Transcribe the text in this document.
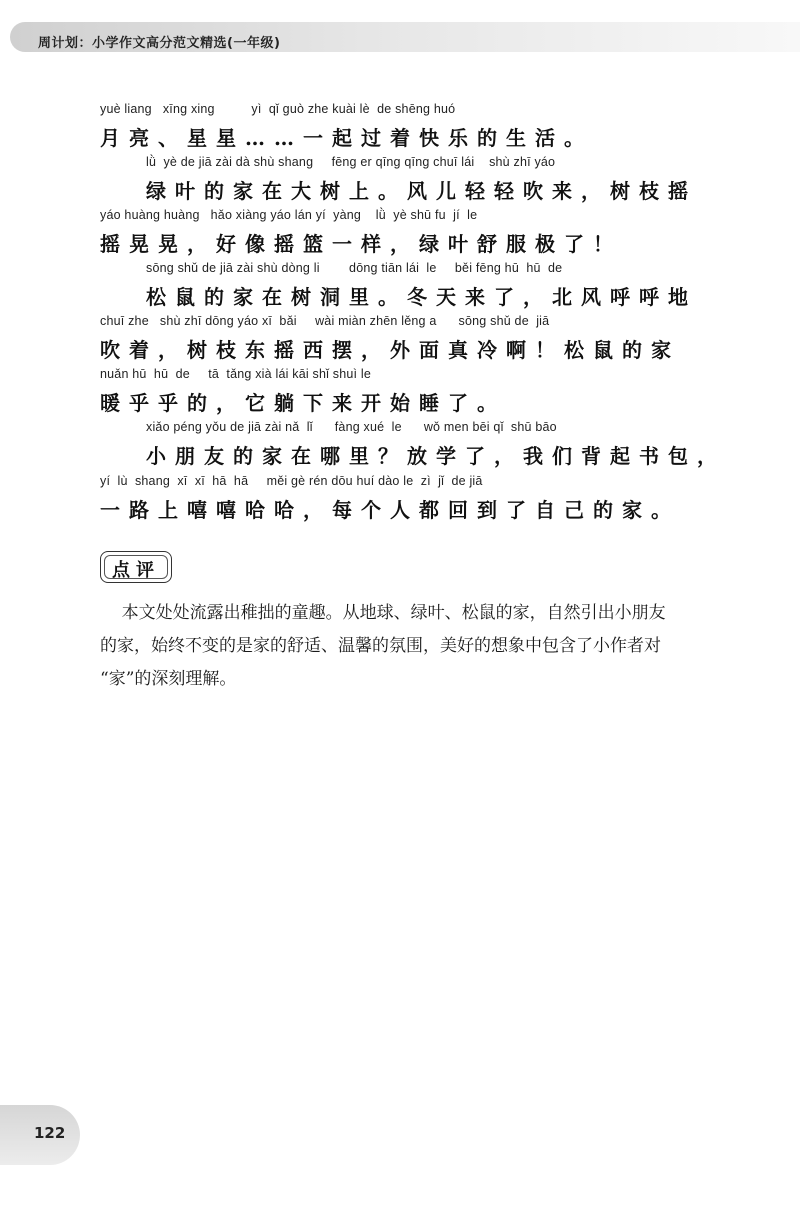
周计划：小学作文高分范文精选(一年级)

yuè liang   xīng xing          yì  qǐ guò zhe kuài lè  de shēng huó

月亮、星星……一起过着快乐的生活。

lǜ  yè de jiā zài dà shù shang     fēng er qīng qīng chuī lái    shù zhī yáo

绿叶的家在大树上。风儿轻轻吹来，树枝摇

yáo huàng huàng   hǎo xiàng yáo lán yí  yàng    lǜ  yè shū fu  jí  le

摇晃晃，好像摇篮一样，绿叶舒服极了！

sōng shǔ de jiā zài shù dòng li        dōng tiān lái  le     běi fēng hū  hū  de

松鼠的家在树洞里。冬天来了，北风呼呼地

chuī zhe   shù zhī dōng yáo xī  bǎi     wài miàn zhēn lěng a      sōng shǔ de  jiā

吹着，树枝东摇西摆，外面真冷啊！松鼠的家

nuǎn hū  hū  de     tā  tǎng xià lái kāi shǐ shuì le

暖乎乎的，它躺下来开始睡了。

xiǎo péng yǒu de jiā zài nǎ  lǐ      fàng xué  le      wǒ men bēi qǐ  shū bāo

小朋友的家在哪里？放学了，我们背起书包，

yí  lù  shang  xī  xī  hā  hā     měi gè rén dōu huí dào le  zì  jǐ  de jiā

一路上嘻嘻哈哈，每个人都回到了自己的家。

点评

本文处处流露出稚拙的童趣。从地球、绿叶、松鼠的家，自然引出小朋友

的家，始终不变的是家的舒适、温馨的氛围，美好的想象中包含了小作者对

“家”的深刻理解。

122
